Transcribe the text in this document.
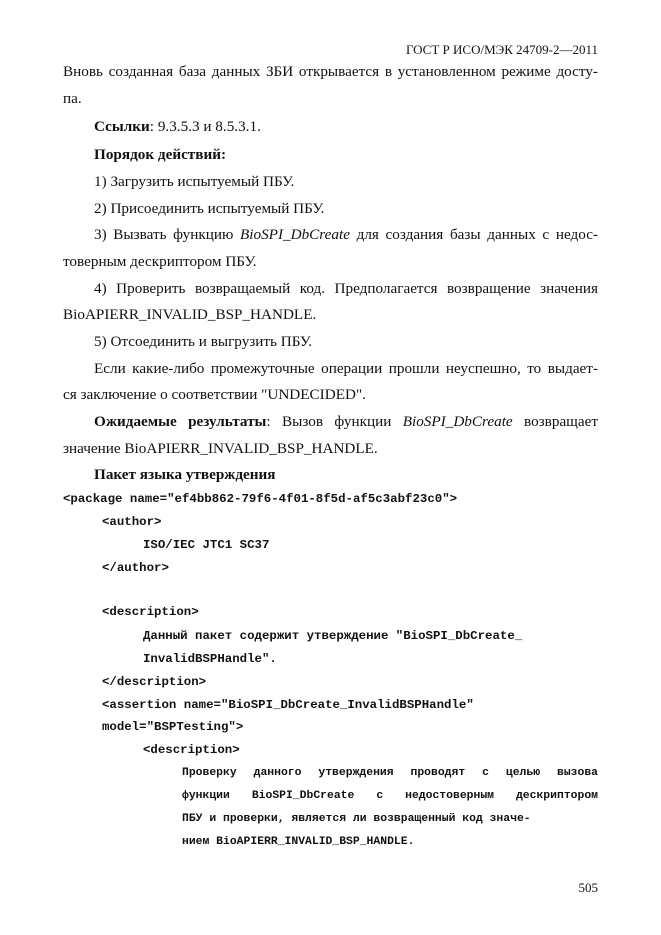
ГОСТ Р ИСО/МЭК 24709-2—2011
Вновь созданная база данных ЗБИ открывается в установленном режиме досту-
па.
Ссылки: 9.3.5.3 и 8.5.3.1.
Порядок действий:
1) Загрузить испытуемый ПБУ.
2) Присоединить испытуемый ПБУ.
3) Вызвать функцию BioSPI_DbCreate для создания базы данных с недос-
товерным дескриптором ПБУ.
4) Проверить возвращаемый код. Предполагается возвращение значения
BioAPIERR_INVALID_BSP_HANDLE.
5) Отсоединить и выгрузить ПБУ.
Если какие-либо промежуточные операции прошли неуспешно, то выдает-
ся заключение о соответствии "UNDECIDED".
Ожидаемые результаты: Вызов функции BioSPI_DbCreate возвращает
значение BioAPIERR_INVALID_BSP_HANDLE.
Пакет языка утверждения
<package name="ef4bb862-79f6-4f01-8f5d-af5c3abf23c0">
<author>
ISO/IEC JTC1 SC37
</author>
<description>
Данный пакет содержит утверждение "BioSPI_DbCreate_
InvalidBSPHandle".
</description>
<assertion name="BioSPI_DbCreate_InvalidBSPHandle"
model="BSPTesting">
<description>
Проверку данного утверждения проводят с целью вызова
функции BioSPI_DbCreate с недостоверным дескриптором
ПБУ и проверки, является ли возвращенный код значе-
нием BioAPIERR_INVALID_BSP_HANDLE.
505
